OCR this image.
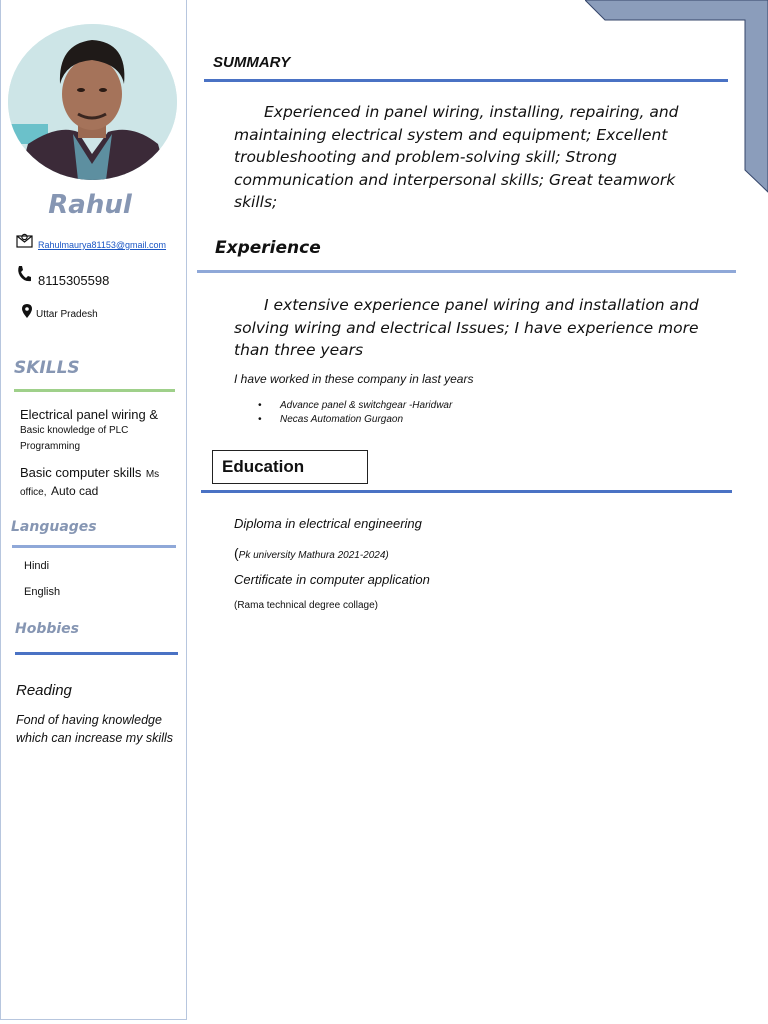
Rahul
Rahulmaurya81153@gmail.com
8115305598
Uttar Pradesh
SKILLS
Electrical panel wiring &
Basic knowledge of PLC Programming
Basic computer skills Ms office, Auto cad
Languages
Hindi
English
Hobbies
Reading
Fond of having knowledge which can increase my skills
SUMMARY
Experienced in panel wiring, installing, repairing, and maintaining electrical system and equipment; Excellent troubleshooting and problem-solving skill; Strong communication and interpersonal skills; Great teamwork skills;
Experience
I extensive experience panel wiring and installation and solving wiring and electrical Issues; I have experience more than three years
I have worked in these company in last years
• Advance panel & switchgear -Haridwar
• Necas Automation Gurgaon
Education
Diploma in electrical engineering
(Pk university Mathura 2021-2024)
Certificate in computer application
(Rama technical degree collage)
